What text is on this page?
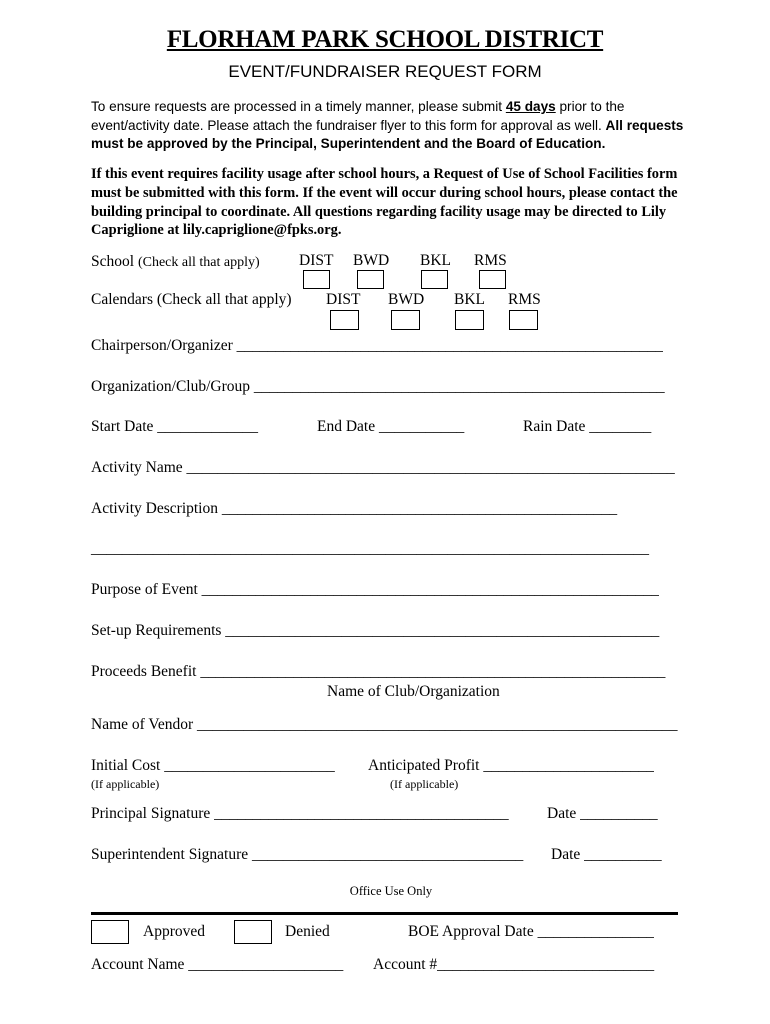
FLORHAM PARK SCHOOL DISTRICT
EVENT/FUNDRAISER REQUEST FORM
To ensure requests are processed in a timely manner, please submit 45 days prior to the event/activity date. Please attach the fundraiser flyer to this form for approval as well. All requests must be approved by the Principal, Superintendent and the Board of Education.
If this event requires facility usage after school hours, a Request of Use of School Facilities form must be submitted with this form. If the event will occur during school hours, please contact the building principal to coordinate. All questions regarding facility usage may be directed to Lily Capriglione at lily.capriglione@fpks.org.
School (Check all that apply)	DIST BWD BKL RMS
Calendars (Check all that apply) DIST BWD BKL RMS
Chairperson/Organizer _______________________________________________________
Organization/Club/Group _____________________________________________________
Start Date _____________	End Date ___________	Rain Date ________
Activity Name _______________________________________________________________
Activity Description ___________________________________________________
________________________________________________________________________
Purpose of Event ___________________________________________________________
Set-up Requirements ________________________________________________________
Proceeds Benefit ____________________________________________________________
Name of Club/Organization
Name of Vendor ______________________________________________________________
Initial Cost ______________________
(If applicable)
Anticipated Profit ______________________
(If applicable)
Principal Signature ______________________________________ Date __________
Superintendent Signature ___________________________________ Date __________
Office Use Only
Approved	Denied	BOE Approval Date _______________
Account Name ____________________ Account #____________________________
